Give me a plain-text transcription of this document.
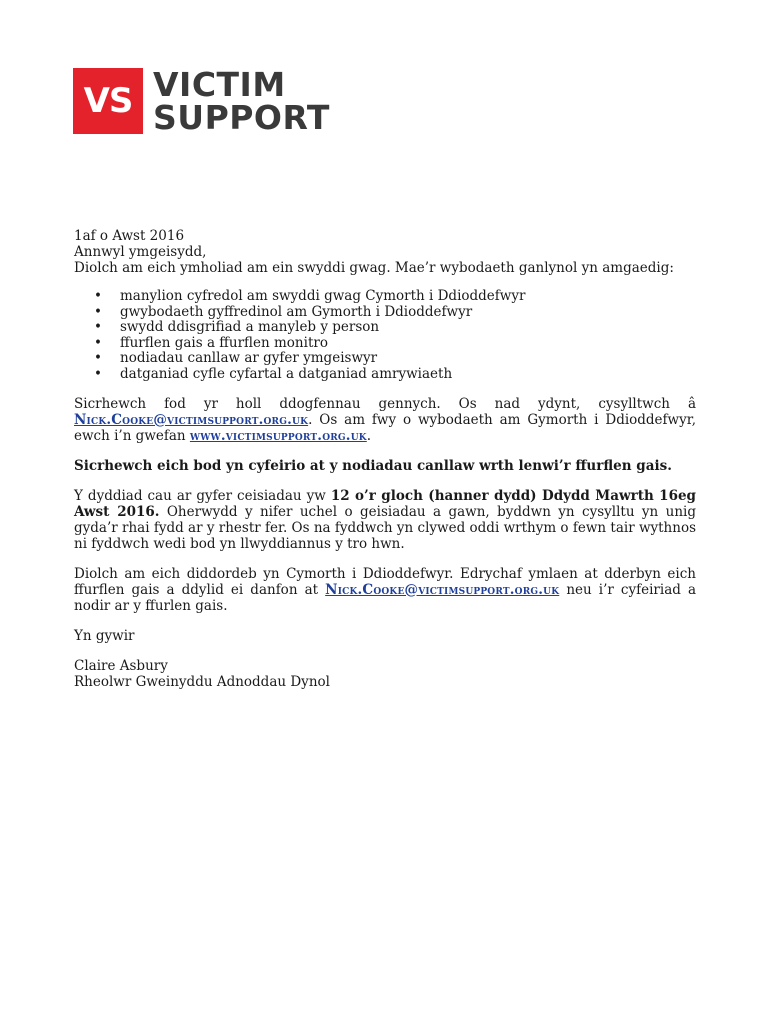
VS VICTIM
SUPPORT

1af o Awst 2016

Annwyl ymgeisydd,

Diolch am eich ymholiad am ein swyddi gwag. Mae’r wybodaeth ganlynol yn amgaedig:

• manylion cyfredol am swyddi gwag Cymorth i Ddioddefwyr
• gwybodaeth gyffredinol am Gymorth i Ddioddefwyr
• swydd ddisgrifiad a manyleb y person
• ffurflen gais a ffurflen monitro
• nodiadau canllaw ar gyfer ymgeiswyr
• datganiad cyfle cyfartal a datganiad amrywiaeth

Sicrhewch fod yr holl ddogfennau gennych. Os nad ydynt, cysylltwch â Nick.Cooke@victimsupport.org.uk. Os am fwy o wybodaeth am Gymorth i Ddioddefwyr, ewch i’n gwefan www.victimsupport.org.uk.

Sicrhewch eich bod yn cyfeirio at y nodiadau canllaw wrth lenwi’r ffurflen gais.

Y dyddiad cau ar gyfer ceisiadau yw 12 o’r gloch (hanner dydd) Ddydd Mawrth 16eg Awst 2016. Oherwydd y nifer uchel o geisiadau a gawn, byddwn yn cysylltu yn unig gyda’r rhai fydd ar y rhestr fer. Os na fyddwch yn clywed oddi wrthym o fewn tair wythnos ni fyddwch wedi bod yn llwyddiannus y tro hwn.

Diolch am eich diddordeb yn Cymorth i Ddioddefwyr. Edrychaf ymlaen at dderbyn eich ffurflen gais a ddylid ei danfon at Nick.Cooke@victimsupport.org.uk neu i’r cyfeiriad a nodir ar y ffurlen gais.

Yn gywir

Claire Asbury

Rheolwr Gweinyddu Adnoddau Dynol
